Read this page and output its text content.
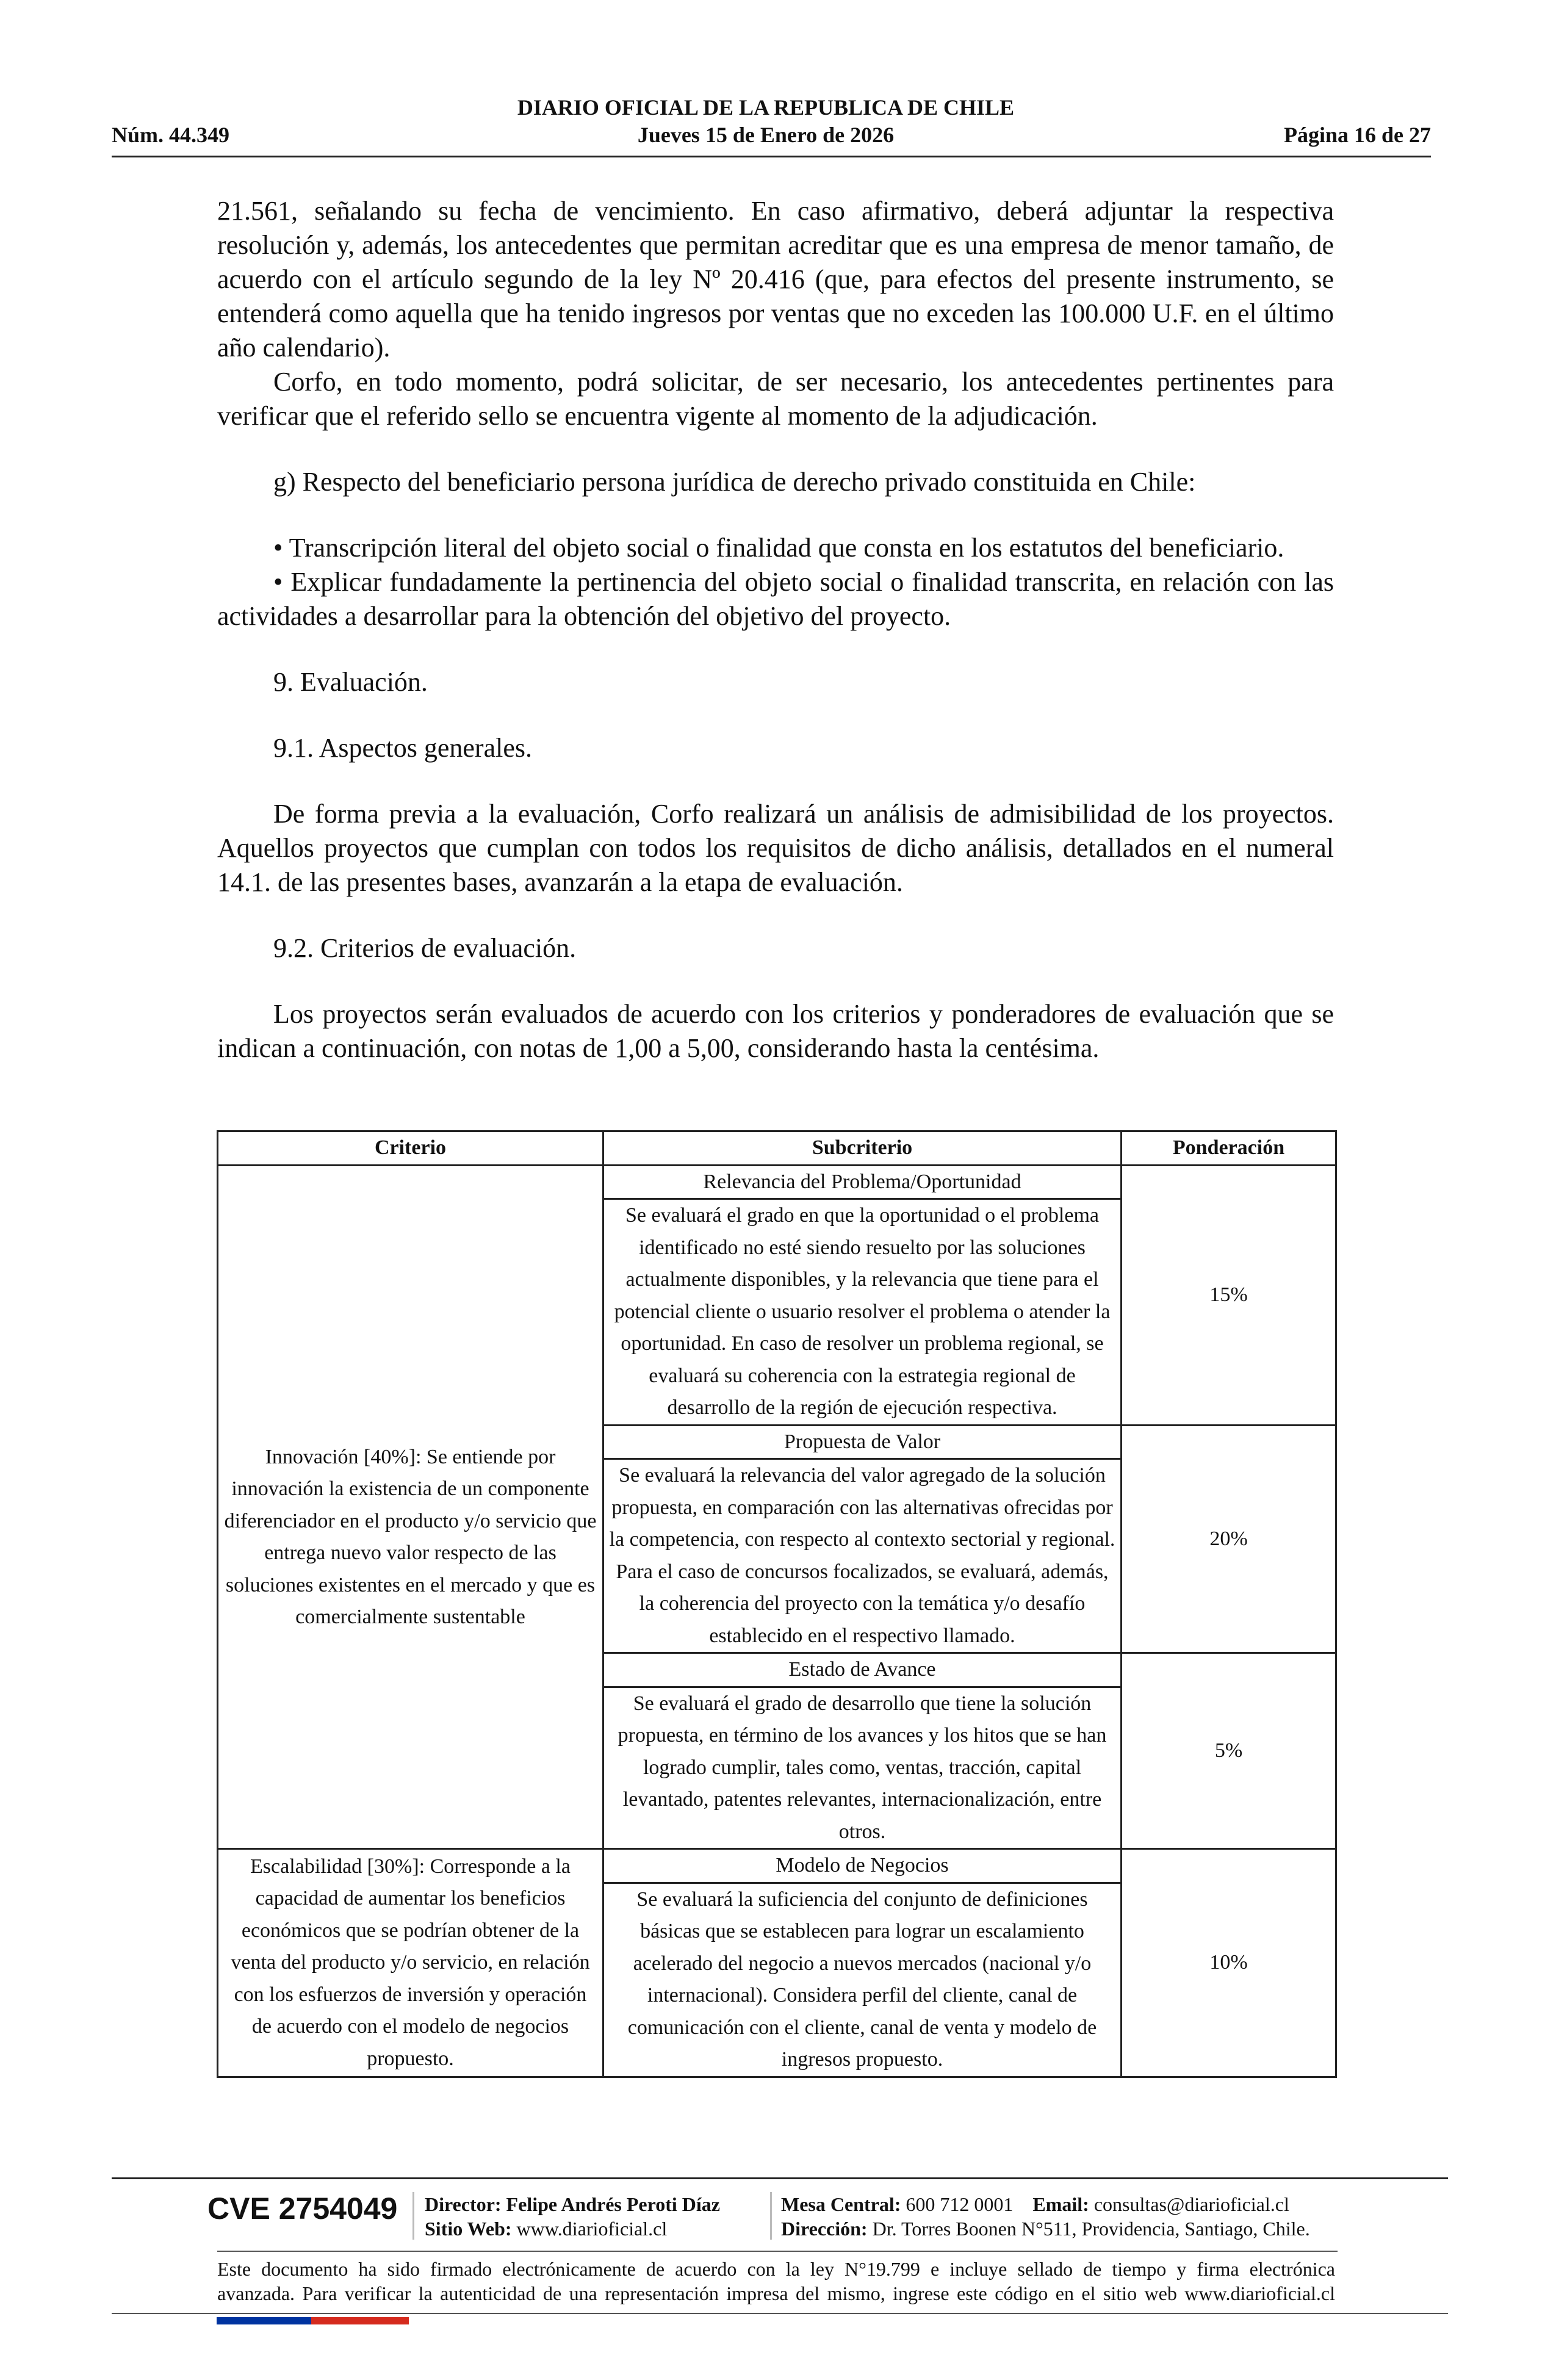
DIARIO OFICIAL DE LA REPUBLICA DE CHILE
Núm. 44.349	Jueves 15 de Enero de 2026	Página 16 de 27

21.561, señalando su fecha de vencimiento. En caso afirmativo, deberá adjuntar la respectiva resolución y, además, los antecedentes que permitan acreditar que es una empresa de menor tamaño, de acuerdo con el artículo segundo de la ley Nº 20.416 (que, para efectos del presente instrumento, se entenderá como aquella que ha tenido ingresos por ventas que no exceden las 100.000 U.F. en el último año calendario).

Corfo, en todo momento, podrá solicitar, de ser necesario, los antecedentes pertinentes para verificar que el referido sello se encuentra vigente al momento de la adjudicación.

g) Respecto del beneficiario persona jurídica de derecho privado constituida en Chile:

• Transcripción literal del objeto social o finalidad que consta en los estatutos del beneficiario.

• Explicar fundadamente la pertinencia del objeto social o finalidad transcrita, en relación con las actividades a desarrollar para la obtención del objetivo del proyecto.

9. Evaluación.

9.1. Aspectos generales.

De forma previa a la evaluación, Corfo realizará un análisis de admisibilidad de los proyectos. Aquellos proyectos que cumplan con todos los requisitos de dicho análisis, detallados en el numeral 14.1. de las presentes bases, avanzarán a la etapa de evaluación.

9.2. Criterios de evaluación.

Los proyectos serán evaluados de acuerdo con los criterios y ponderadores de evaluación que se indican a continuación, con notas de 1,00 a 5,00, considerando hasta la centésima.

Criterio	Subcriterio	Ponderación
Innovación [40%]: Se entiende por innovación la existencia de un componente diferenciador en el producto y/o servicio que entrega nuevo valor respecto de las soluciones existentes en el mercado y que es comercialmente sustentable	Relevancia del Problema/Oportunidad	15%
	Se evaluará el grado en que la oportunidad o el problema identificado no esté siendo resuelto por las soluciones actualmente disponibles, y la relevancia que tiene para el potencial cliente o usuario resolver el problema o atender la oportunidad. En caso de resolver un problema regional, se evaluará su coherencia con la estrategia regional de desarrollo de la región de ejecución respectiva.	
	Propuesta de Valor	20%
	Se evaluará la relevancia del valor agregado de la solución propuesta, en comparación con las alternativas ofrecidas por la competencia, con respecto al contexto sectorial y regional. Para el caso de concursos focalizados, se evaluará, además, la coherencia del proyecto con la temática y/o desafío establecido en el respectivo llamado.	
	Estado de Avance	5%
	Se evaluará el grado de desarrollo que tiene la solución propuesta, en término de los avances y los hitos que se han logrado cumplir, tales como, ventas, tracción, capital levantado, patentes relevantes, internacionalización, entre otros.	
Escalabilidad [30%]: Corresponde a la capacidad de aumentar los beneficios económicos que se podrían obtener de la venta del producto y/o servicio, en relación con los esfuerzos de inversión y operación de acuerdo con el modelo de negocios propuesto.	Modelo de Negocios	10%
	Se evaluará la suficiencia del conjunto de definiciones básicas que se establecen para lograr un escalamiento acelerado del negocio a nuevos mercados (nacional y/o internacional). Considera perfil del cliente, canal de comunicación con el cliente, canal de venta y modelo de ingresos propuesto.	
CVE 2754049 Director: Felipe Andrés Peroti Díaz
Sitio Web: www.diarioficial.cl
Mesa Central: 600 712 0001 Email: consultas@diarioficial.cl
Dirección: Dr. Torres Boonen N°511, Providencia, Santiago, Chile.
Este documento ha sido firmado electrónicamente de acuerdo con la ley N°19.799 e incluye sellado de tiempo y firma electrónica
avanzada. Para verificar la autenticidad de una representación impresa del mismo, ingrese este código en el sitio web www.diarioficial.cl
